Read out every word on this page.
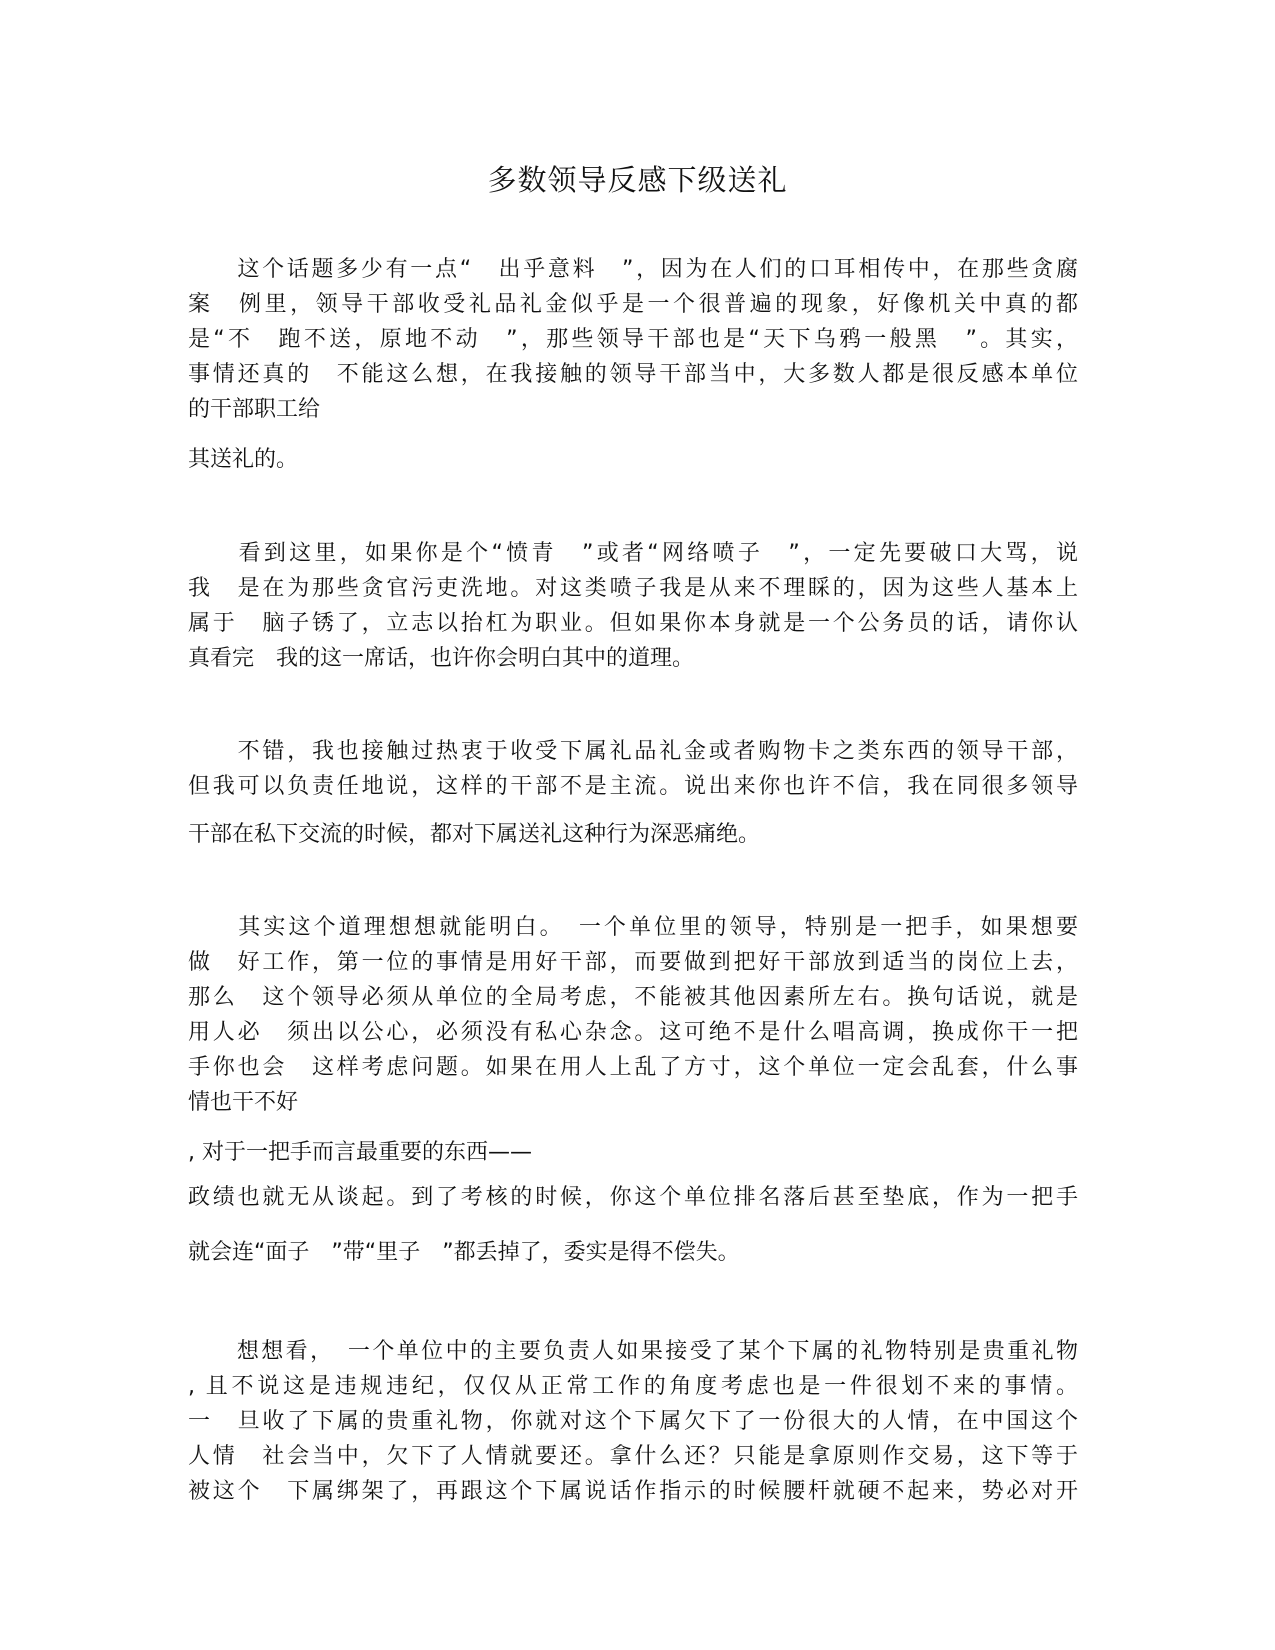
多数领导反感下级送礼
　　这个话题多少有一点“　出乎意料　”，因为在人们的口耳相传中，在那些贪腐
案　例里，领导干部收受礼品礼金似乎是一个很普遍的现象，好像机关中真的都
是“不　跑不送，原地不动　”，那些领导干部也是“天下乌鸦一般黑　”。其实，
事情还真的　不能这么想，在我接触的领导干部当中，大多数人都是很反感本单位
的干部职工给
其送礼的。
　　看到这里，如果你是个“愤青　”或者“网络喷子　”，一定先要破口大骂，说
我　是在为那些贪官污吏洗地。对这类喷子我是从来不理睬的，因为这些人基本上
属于　脑子锈了，立志以抬杠为职业。但如果你本身就是一个公务员的话，请你认
真看完　我的这一席话，也许你会明白其中的道理。
　　不错，我也接触过热衷于收受下属礼品礼金或者购物卡之类东西的领导干部，
但我可以负责任地说，这样的干部不是主流。说出来你也许不信，我在同很多领导
干部在私下交流的时候，都对下属送礼这种行为深恶痛绝。
　　其实这个道理想想就能明白。　一个单位里的领导，特别是一把手，如果想要
做　好工作，第一位的事情是用好干部，而要做到把好干部放到适当的岗位上去，
那么　这个领导必须从单位的全局考虑，不能被其他因素所左右。换句话说，就是
用人必　须出以公心，必须没有私心杂念。这可绝不是什么唱高调，换成你干一把
手你也会　这样考虑问题。如果在用人上乱了方寸，这个单位一定会乱套，什么事
情也干不好
, 对于一把手而言最重要的东西——
政绩也就无从谈起。到了考核的时候，你这个单位排名落后甚至垫底，作为一把手
就会连“面子　”带“里子　”都丢掉了，委实是得不偿失。
　　想想看，　一个单位中的主要负责人如果接受了某个下属的礼物特别是贵重礼物
, 且不说这是违规违纪，仅仅从正常工作的角度考虑也是一件很划不来的事情。
一　旦收了下属的贵重礼物，你就对这个下属欠下了一份很大的人情，在中国这个
人情　社会当中，欠下了人情就要还。拿什么还？只能是拿原则作交易，这下等于
被这个　下属绑架了，再跟这个下属说话作指示的时候腰杆就硬不起来，势必对开
